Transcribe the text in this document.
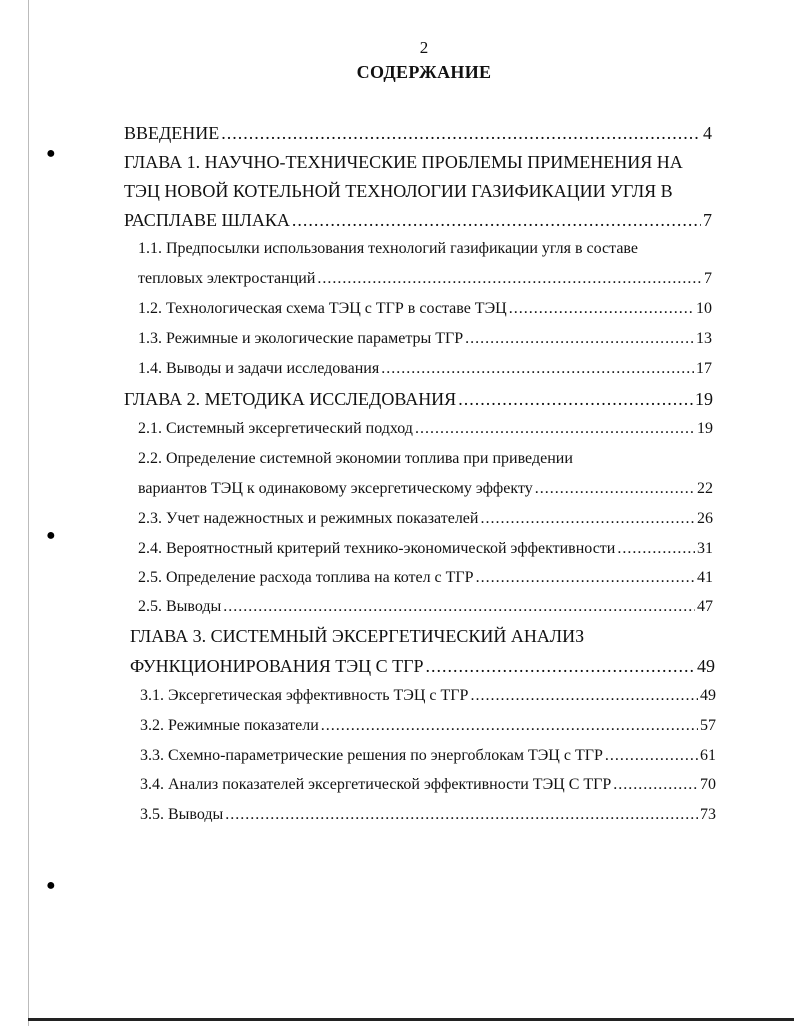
●
●
●
2
СОДЕРЖАНИЕ
ВВЕДЕНИЕ .....	4
ГЛАВА 1. НАУЧНО-ТЕХНИЧЕСКИЕ ПРОБЛЕМЫ ПРИМЕНЕНИЯ НА
ТЭЦ НОВОЙ КОТЕЛЬНОЙ ТЕХНОЛОГИИ ГАЗИФИКАЦИИ УГЛЯ В
РАСПЛАВЕ ШЛАКА .....	7
1.1. Предпосылки использования технологий газификации угля в составе
тепловых электростанций .....	7
1.2. Технологическая схема ТЭЦ с ТГР в составе ТЭЦ .....	10
1.3. Режимные и экологические параметры ТГР .....	13
1.4. Выводы и задачи исследования .....	17
ГЛАВА 2. МЕТОДИКА ИССЛЕДОВАНИЯ .....	19
2.1. Системный эксергетический подход .....	19
2.2. Определение системной экономии топлива при приведении
вариантов ТЭЦ к одинаковому эксергетическому эффекту .....	22
2.3. Учет надежностных и режимных показателей .....	26
2.4. Вероятностный критерий технико-экономической эффективности .....	31
2.5. Определение расхода топлива на котел с ТГР .....	41
2.5. Выводы .....	47
ГЛАВА 3. СИСТЕМНЫЙ ЭКСЕРГЕТИЧЕСКИЙ АНАЛИЗ
ФУНКЦИОНИРОВАНИЯ ТЭЦ С ТГР .....	49
3.1. Эксергетическая эффективность ТЭЦ с ТГР .....	49
3.2. Режимные показатели .....	57
3.3. Схемно-параметрические решения по энергоблокам ТЭЦ с ТГР .....	61
3.4. Анализ показателей эксергетической эффективности ТЭЦ С ТГР .....	70
3.5. Выводы .....	73
